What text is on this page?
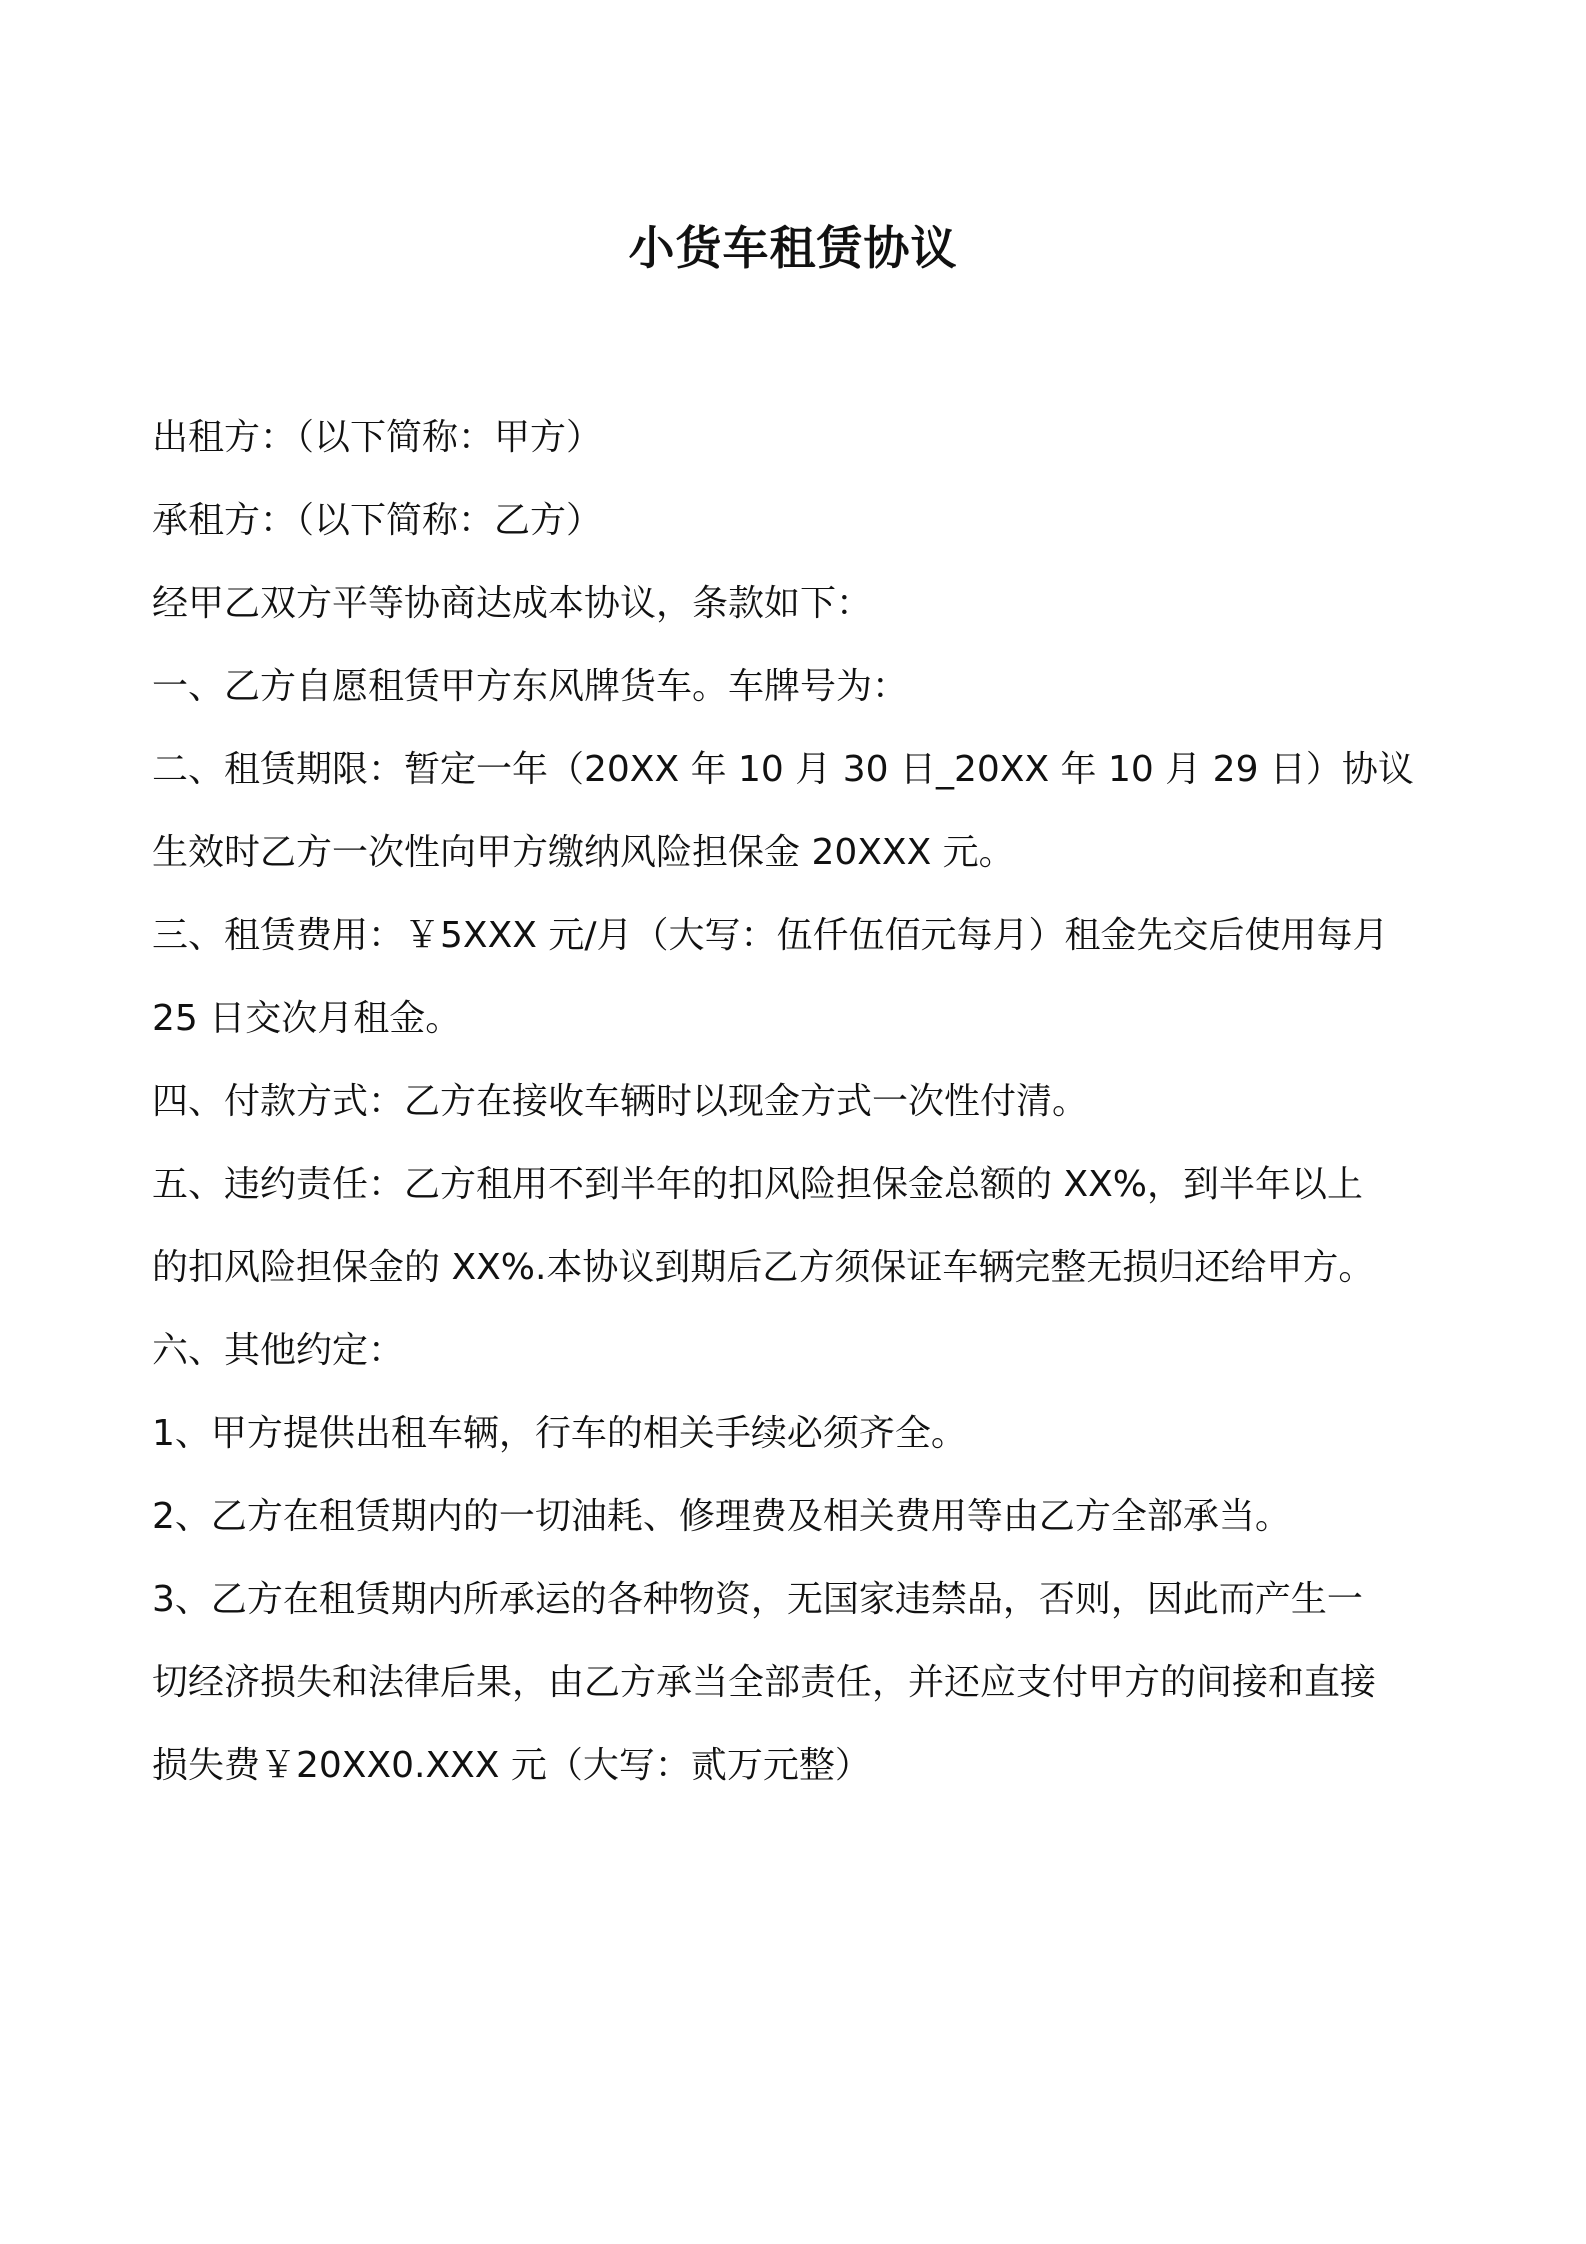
小货车租赁协议
出租方：（以下简称：甲方）
承租方：（以下简称：乙方）
经甲乙双方平等协商达成本协议，条款如下：
一、乙方自愿租赁甲方东风牌货车。车牌号为：
二、租赁期限：暂定一年（20XX 年 10 月 30 日_20XX 年 10 月 29 日）协议
生效时乙方一次性向甲方缴纳风险担保金 20XXX 元。
三、租赁费用：￥5XXX 元/月（大写：伍仟伍佰元每月）租金先交后使用每月
25 日交次月租金。
四、付款方式：乙方在接收车辆时以现金方式一次性付清。
五、违约责任：乙方租用不到半年的扣风险担保金总额的 XX%，到半年以上
的扣风险担保金的 XX%.本协议到期后乙方须保证车辆完整无损归还给甲方。
六、其他约定：
1、甲方提供出租车辆，行车的相关手续必须齐全。
2、乙方在租赁期内的一切油耗、修理费及相关费用等由乙方全部承当。
3、乙方在租赁期内所承运的各种物资，无国家违禁品，否则，因此而产生一
切经济损失和法律后果，由乙方承当全部责任，并还应支付甲方的间接和直接
损失费￥20XX0.XXX 元（大写：贰万元整）
